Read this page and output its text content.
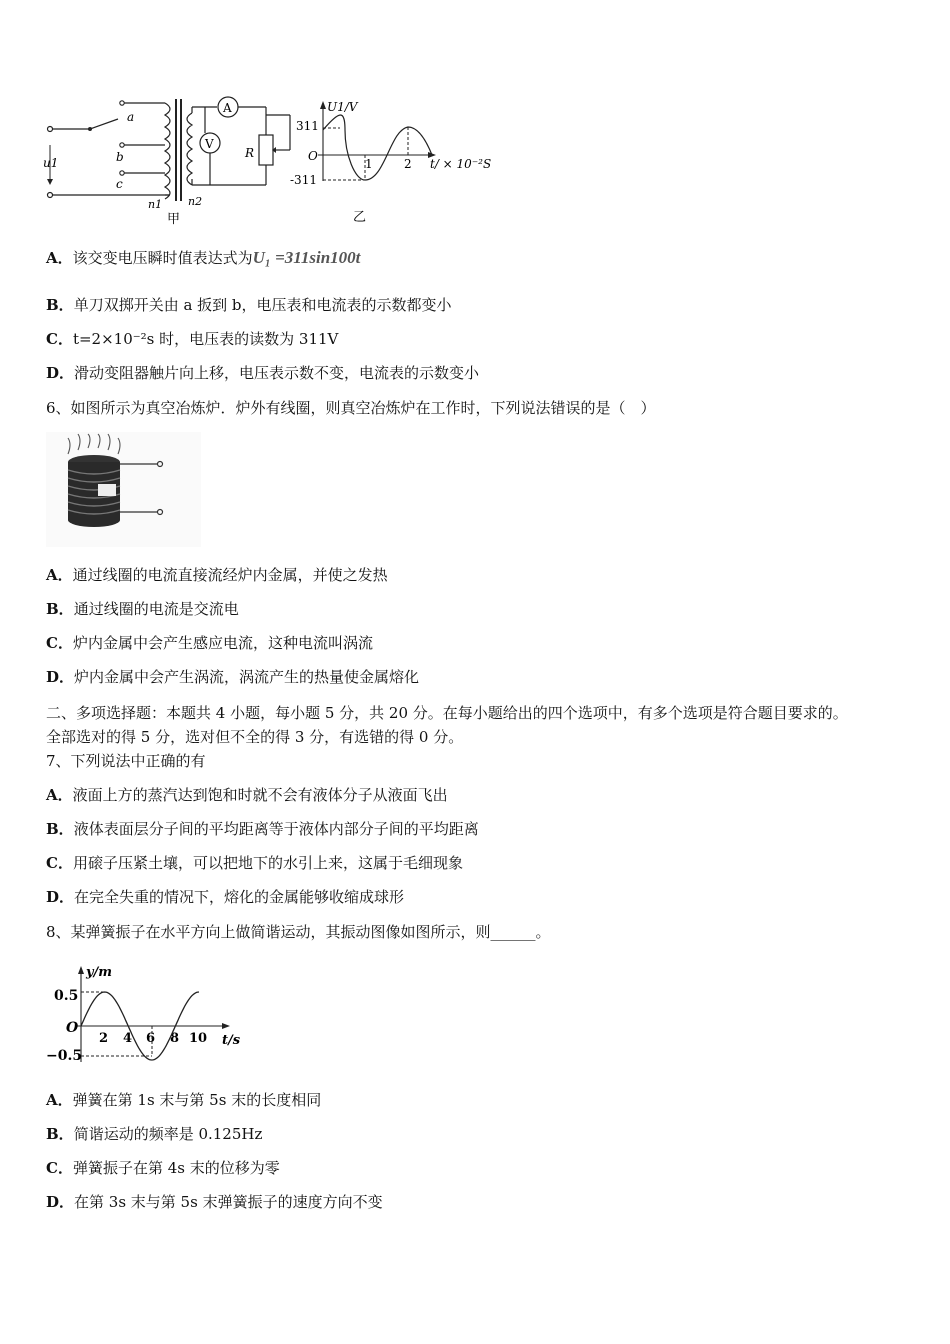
u1
a
b
c
n1 n2
A
R
V
甲
U1/V
311
-311
O
1	2 t/ × 10⁻²S
乙
A．该交变电压瞬时值表达式为U₁ =311sin100t
B．单刀双掷开关由 a 扳到 b，电压表和电流表的示数都变小
C．t=2×10⁻²s 时，电压表的读数为 311V
D．滑动变阻器触片向上移，电压表示数不变，电流表的示数变小
6、如图所示为真空冶炼炉．炉外有线圈，则真空冶炼炉在工作时，下列说法错误的是（　）
A．通过线圈的电流直接流经炉内金属，并使之发热
B．通过线圈的电流是交流电
C．炉内金属中会产生感应电流，这种电流叫涡流
D．炉内金属中会产生涡流，涡流产生的热量使金属熔化
二、多项选择题：本题共 4 小题，每小题 5 分，共 20 分。在每小题给出的四个选项中，有多个选项是符合题目要求的。
全部选对的得 5 分，选对但不全的得 3 分，有选错的得 0 分。
7、下列说法中正确的有
A．液面上方的蒸汽达到饱和时就不会有液体分子从液面飞出
B．液体表面层分子间的平均距离等于液体内部分子间的平均距离
C．用磙子压紧土壤，可以把地下的水引上来，这属于毛细现象
D．在完全失重的情况下，熔化的金属能够收缩成球形
8、某弹簧振子在水平方向上做简谐运动，其振动图像如图所示，则______。
y/m
t/s
0.5
−0.5
O
2 4 6 8 10
A．弹簧在第 1s 末与第 5s 末的长度相同
B．简谐运动的频率是 0.125Hz
C．弹簧振子在第 4s 末的位移为零
D．在第 3s 末与第 5s 末弹簧振子的速度方向不变
